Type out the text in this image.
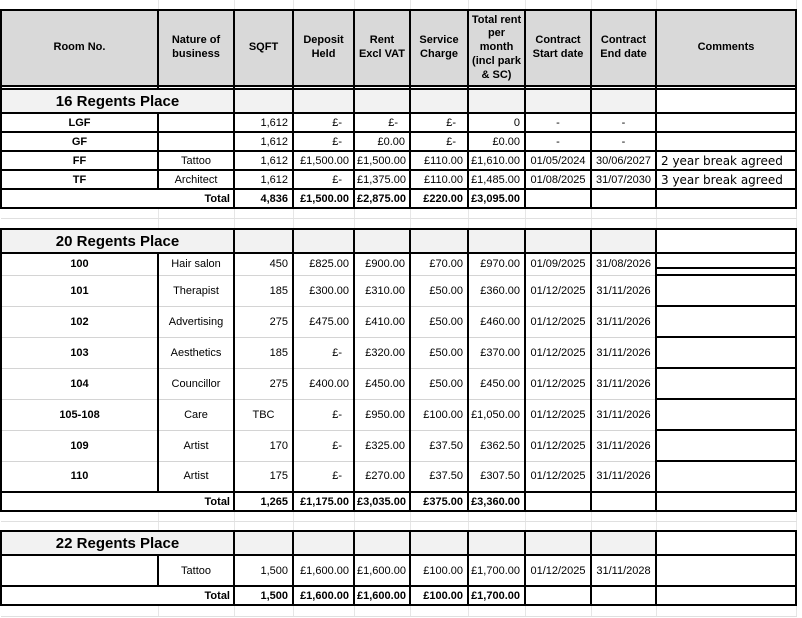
Room No.	Nature of business	SQFT	Deposit Held	Rent Excl VAT	Service Charge	Total rent per month (incl park & SC)	Contract Start date	Contract End date	Comments

16 Regents Place									
LGF		1,612	£-	£-	£-	0	-	-	
GF		1,612	£-	£0.00	£-	£0.00	-	-	
FF	Tattoo	1,612	£1,500.00	£1,500.00	£110.00	£1,610.00	01/05/2024	30/06/2027	2 year break agreed
TF	Architect	1,612	£-	£1,375.00	£110.00	£1,485.00	01/08/2025	31/07/2030	3 year break agreed
Total		4,836	£1,500.00	£2,875.00	£220.00	£3,095.00			

20 Regents Place									
100	Hair salon	450	£825.00	£900.00	£70.00	£970.00	01/09/2025	31/08/2026	

101	Therapist	185	£300.00	£310.00	£50.00	£360.00	01/12/2025	31/11/2026	
102	Advertising	275	£475.00	£410.00	£50.00	£460.00	01/12/2025	31/11/2026	
103	Aesthetics	185	£-	£320.00	£50.00	£370.00	01/12/2025	31/11/2026	
104	Councillor	275	£400.00	£450.00	£50.00	£450.00	01/12/2025	31/11/2026	
105-108	Care	TBC	£-	£950.00	£100.00	£1,050.00	01/12/2025	31/11/2026	
109	Artist	170	£-	£325.00	£37.50	£362.50	01/12/2025	31/11/2026	
110	Artist	175	£-	£270.00	£37.50	£307.50	01/12/2025	31/11/2026	
Total		1,265	£1,175.00	£3,035.00	£375.00	£3,360.00			

22 Regents Place									
	Tattoo	1,500	£1,600.00	£1,600.00	£100.00	£1,700.00	01/12/2025	31/11/2028	
Total		1,500	£1,600.00	£1,600.00	£100.00	£1,700.00			
